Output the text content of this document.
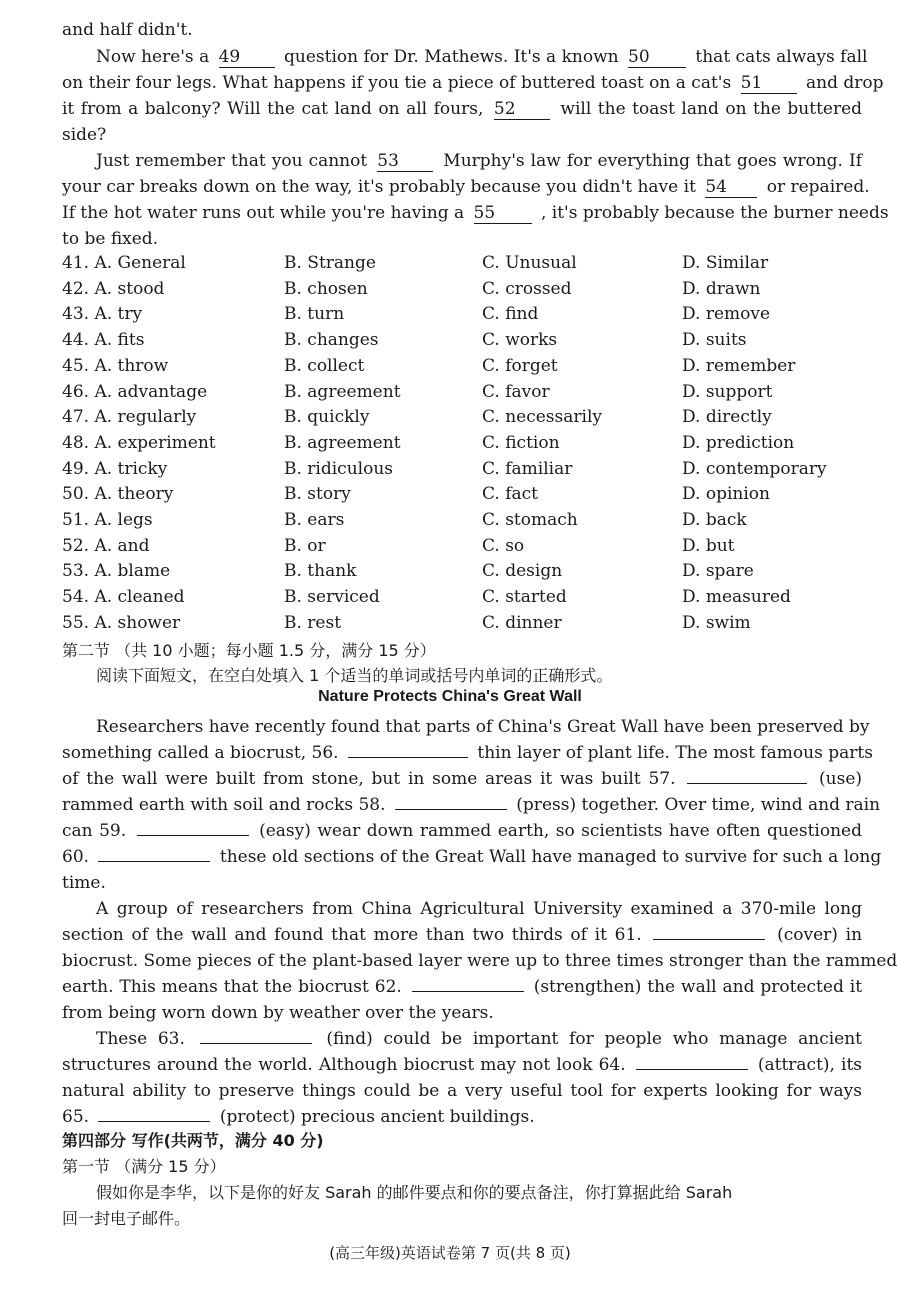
and half didn't.
Now here's a 49	question for Dr. Mathews. It's a known 50	that cats always fall
on their four legs. What happens if you tie a piece of buttered toast on a cat's 51	and drop
it from a balcony? Will the cat land on all fours, 52	will the toast land on the buttered
side?
Just remember that you cannot 53	Murphy's law for everything that goes wrong. If
your car breaks down on the way, it's probably because you didn't have it 54 or repaired.
If the hot water runs out while you're having a 55	, it's probably because the burner needs
to be fixed.
41. A. General	B. Strange	C. Unusual	D. Similar
42. A. stood	B. chosen	C. crossed	D. drawn
43. A. try	B. turn	C. find	D. remove
44. A. fits	B. changes	C. works	D. suits
45. A. throw	B. collect	C. forget	D. remember
46. A. advantage	B. agreement	C. favor	D. support
47. A. regularly	B. quickly	C. necessarily	D. directly
48. A. experiment	B. agreement	C. fiction	D. prediction
49. A. tricky	B. ridiculous	C. familiar	D. contemporary
50. A. theory	B. story	C. fact	D. opinion
51. A. legs	B. ears	C. stomach	D. back
52. A. and	B. or	C. so	D. but
53. A. blame	B. thank	C. design	D. spare
54. A. cleaned	B. serviced	C. started	D. measured
55. A. shower	B. rest	C. dinner	D. swim
第二节 （共 10 小题；每小题 1.5 分，满分 15 分）
阅读下面短文，在空白处填入 1 个适当的单词或括号内单词的正确形式。
Nature Protects China's Great Wall
Researchers have recently found that parts of China's Great Wall have been preserved by
something called a biocrust, 56.	thin layer of plant life. The most famous parts
of the wall were built from stone, but in some areas it was built 57.	(use)
rammed earth with soil and rocks 58.	(press) together. Over time, wind and rain
can 59.	(easy) wear down rammed earth, so scientists have often questioned
60.	these old sections of the Great Wall have managed to survive for such a long
time.
A group of researchers from China Agricultural University examined a 370-mile long
section of the wall and found that more than two thirds of it 61.	(cover) in
biocrust. Some pieces of the plant-based layer were up to three times stronger than the rammed
earth. This means that the biocrust 62.	(strengthen) the wall and protected it
from being worn down by weather over the years.
These 63.	(find) could be important for people who manage ancient
structures around the world. Although biocrust may not look 64.	(attract), its
natural ability to preserve things could be a very useful tool for experts looking for ways
65.	(protect) precious ancient buildings.
第四部分 写作(共两节，满分 40 分)
第一节 （满分 15 分）
假如你是李华，以下是你的好友 Sarah 的邮件要点和你的要点备注，你打算据此给 Sarah
回一封电子邮件。
(高三年级)英语试卷第 7 页(共 8 页)
